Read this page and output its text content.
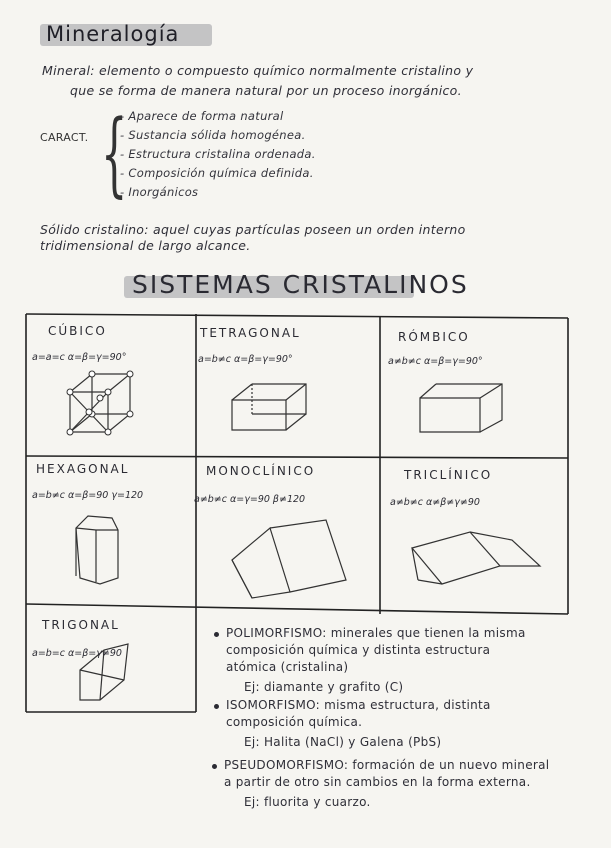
Mineralogía
Mineral: elemento o compuesto químico normalmente cristalino y
que se forma de manera natural por un proceso inorgánico.
CARACT. {
- Aparece de forma natural
- Sustancia sólida homogénea.
- Estructura cristalina ordenada.
- Composición química definida.
- Inorgánicos
Sólido cristalino: aquel cuyas partículas poseen un orden interno
tridimensional de largo alcance.
SISTEMAS CRISTALINOS
CÚBICO
a=a=c α=β=γ=90°
TETRAGONAL
a=b≠c α=β=γ=90°
RÓMBICO
a≠b≠c α=β=γ=90°
HEXAGONAL
a=b≠c α=β=90 γ=120
MONOCLÍNICO
a≠b≠c α=γ=90 β≠120
TRICLÍNICO
a≠b≠c α≠β≠γ≠90
TRIGONAL
a=b=c α=β=γ≠90
POLIMORFISMO: minerales que tienen la misma
composición química y distinta estructura
atómica (cristalina)
Ej: diamante y grafito (C)
ISOMORFISMO: misma estructura, distinta
composición química.
Ej: Halita (NaCl) y Galena (PbS)
PSEUDOMORFISMO: formación de un nuevo mineral
a partir de otro sin cambios en la forma externa.
Ej: fluorita y cuarzo.
